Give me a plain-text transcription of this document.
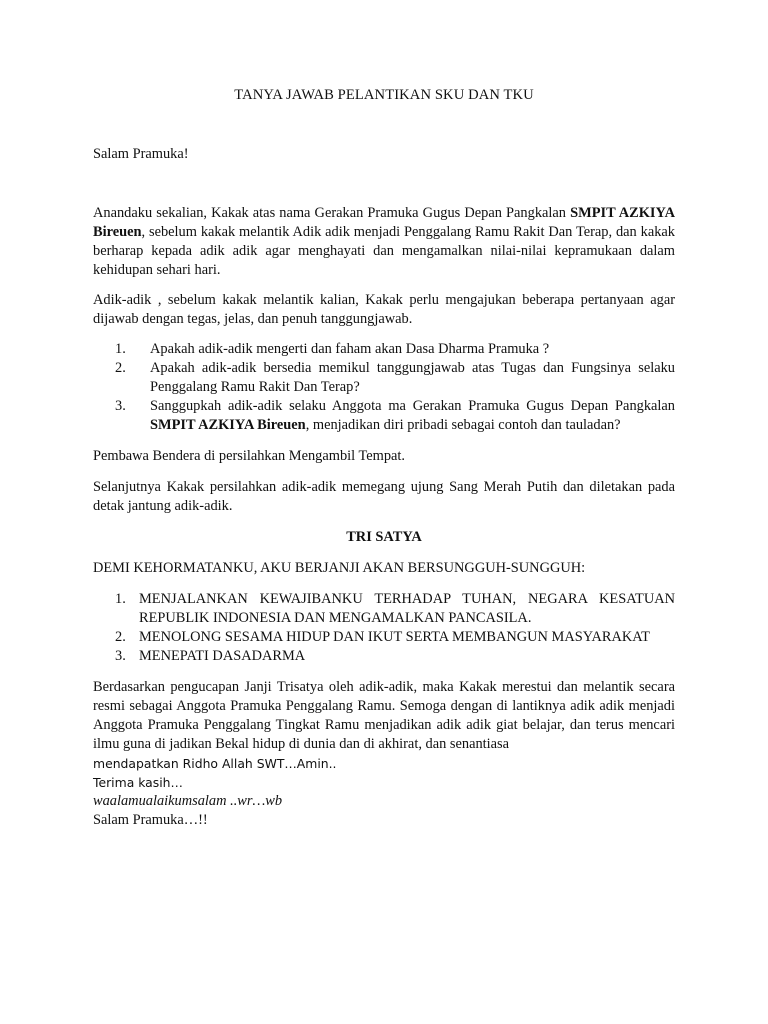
TANYA JAWAB PELANTIKAN SKU DAN TKU

Salam Pramuka!

Anandaku sekalian, Kakak atas nama Gerakan Pramuka Gugus Depan Pangkalan SMPIT AZKIYA Bireuen, sebelum kakak melantik Adik adik menjadi Penggalang Ramu Rakit Dan Terap, dan kakak berharap kepada adik adik agar menghayati dan mengamalkan nilai-nilai kepramukaan dalam kehidupan sehari hari.

Adik-adik , sebelum kakak melantik kalian, Kakak perlu mengajukan beberapa pertanyaan agar dijawab dengan tegas, jelas, dan penuh tanggungjawab.

1. Apakah adik-adik mengerti dan faham akan Dasa Dharma Pramuka ?
2. Apakah adik-adik bersedia memikul tanggungjawab atas Tugas dan Fungsinya selaku Penggalang Ramu Rakit Dan Terap?
3. Sanggupkah adik-adik selaku Anggota ma Gerakan Pramuka Gugus Depan Pangkalan SMPIT AZKIYA Bireuen, menjadikan diri pribadi sebagai contoh dan tauladan?

Pembawa Bendera di persilahkan Mengambil Tempat.

Selanjutnya Kakak persilahkan adik-adik memegang ujung Sang Merah Putih dan diletakan pada detak jantung adik-adik.

TRI SATYA

DEMI KEHORMATANKU, AKU BERJANJI AKAN BERSUNGGUH-SUNGGUH:

1. MENJALANKAN KEWAJIBANKU TERHADAP TUHAN, NEGARA KESATUAN REPUBLIK INDONESIA DAN MENGAMALKAN PANCASILA.
2. MENOLONG SESAMA HIDUP DAN IKUT SERTA MEMBANGUN MASYARAKAT
3. MENEPATI DASADARMA

Berdasarkan pengucapan Janji Trisatya oleh adik-adik, maka Kakak merestui dan melantik secara resmi sebagai Anggota Pramuka Penggalang Ramu. Semoga dengan di lantiknya adik adik menjadi Anggota Pramuka Penggalang Tingkat Ramu menjadikan adik adik giat belajar, dan terus mencari ilmu guna di jadikan Bekal hidup di dunia dan di akhirat, dan senantiasa

mendapatkan Ridho Allah SWT…Amin..

Terima kasih…

waalamualaikumsalam ..wr…wb

Salam Pramuka…!!
